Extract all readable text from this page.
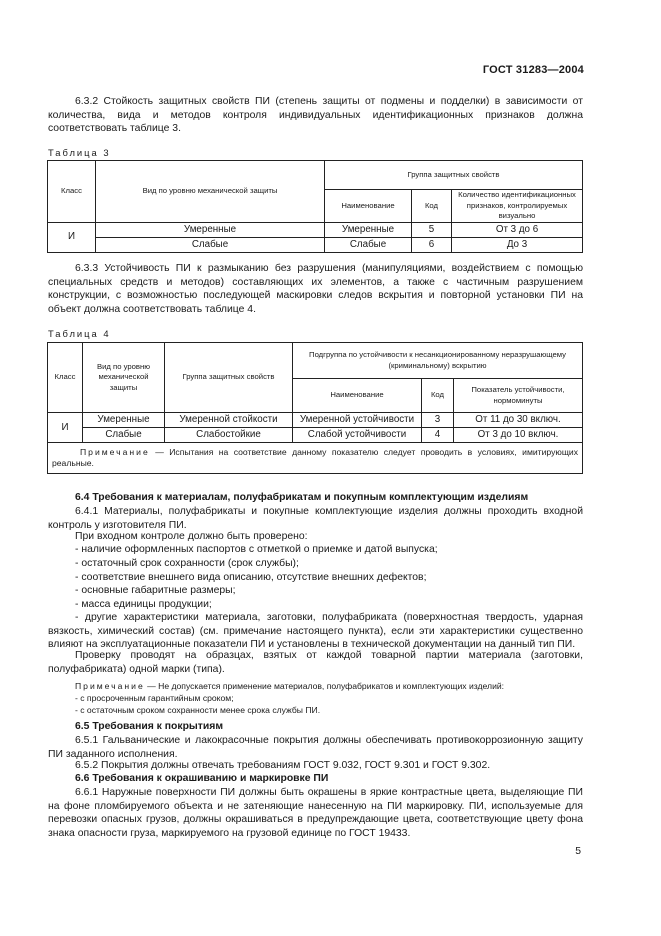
ГОСТ 31283—2004
6.3.2 Стойкость защитных свойств ПИ (степень защиты от подмены и подделки) в зависимости от количества, вида и методов контроля индивидуальных идентификационных признаков должна соответствовать таблице 3.
Таблица 3
Класс	Вид по уровню механической защиты	Группа защитных свойств		
		Наименование	Код	Количество идентификационных признаков, контролируемых визуально
И	Умеренные	Умеренные	5	От 3 до 6
	Слабые	Слабые	6	До 3
6.3.3 Устойчивость ПИ к размыканию без разрушения (манипуляциями, воздействием с помощью специальных средств и методов) составляющих их элементов, а также с частичным разрушением конструкции, с возможностью последующей маскировки следов вскрытия и повторной установки ПИ на объект должна соответствовать таблице 4.
Таблица 4
Класс	Вид по уровню механической защиты	Группа защитных свойств	Подгруппа по устойчивости к несанкционированному неразрушающему (криминальному) вскрытию		
			Наименование	Код	Показатель устойчивости, нормоминуты
И	Умеренные	Умеренной стойкости	Умеренной устойчивости	3	От 11 до 30 включ.
	Слабые	Слабостойкие	Слабой устойчивости	4	От 3 до 10 включ.
Примечание — Испытания на соответствие данному показателю следует проводить в условиях, имитирующих реальные.					
6.4 Требования к материалам, полуфабрикатам и покупным комплектующим изделиям
6.4.1 Материалы, полуфабрикаты и покупные комплектующие изделия должны проходить входной контроль у изготовителя ПИ.
При входном контроле должно быть проверено:
- наличие оформленных паспортов с отметкой о приемке и датой выпуска;
- остаточный срок сохранности (срок службы);
- соответствие внешнего вида описанию, отсутствие внешних дефектов;
- основные габаритные размеры;
- масса единицы продукции;
- другие характеристики материала, заготовки, полуфабриката (поверхностная твердость, ударная вязкость, химический состав) (см. примечание настоящего пункта), если эти характеристики существенно влияют на эксплуатационные показатели ПИ и установлены в технической документации на данный тип ПИ.
Проверку проводят на образцах, взятых от каждой товарной партии материала (заготовки, полуфабриката) одной марки (типа).
Примечание — Не допускается применение материалов, полуфабрикатов и комплектующих изделий:
- с просроченным гарантийным сроком;
- с остаточным сроком сохранности менее срока службы ПИ.
6.5 Требования к покрытиям
6.5.1 Гальванические и лакокрасочные покрытия должны обеспечивать противокоррозионную защиту ПИ заданного исполнения.
6.5.2 Покрытия должны отвечать требованиям ГОСТ 9.032, ГОСТ 9.301 и ГОСТ 9.302.
6.6 Требования к окрашиванию и маркировке ПИ
6.6.1 Наружные поверхности ПИ должны быть окрашены в яркие контрастные цвета, выделяющие ПИ на фоне пломбируемого объекта и не затеняющие нанесенную на ПИ маркировку. ПИ, используемые для перевозки опасных грузов, должны окрашиваться в предупреждающие цвета, соответствующие цвету фона знака опасности груза, маркируемого на грузовой единице по ГОСТ 19433.
5
